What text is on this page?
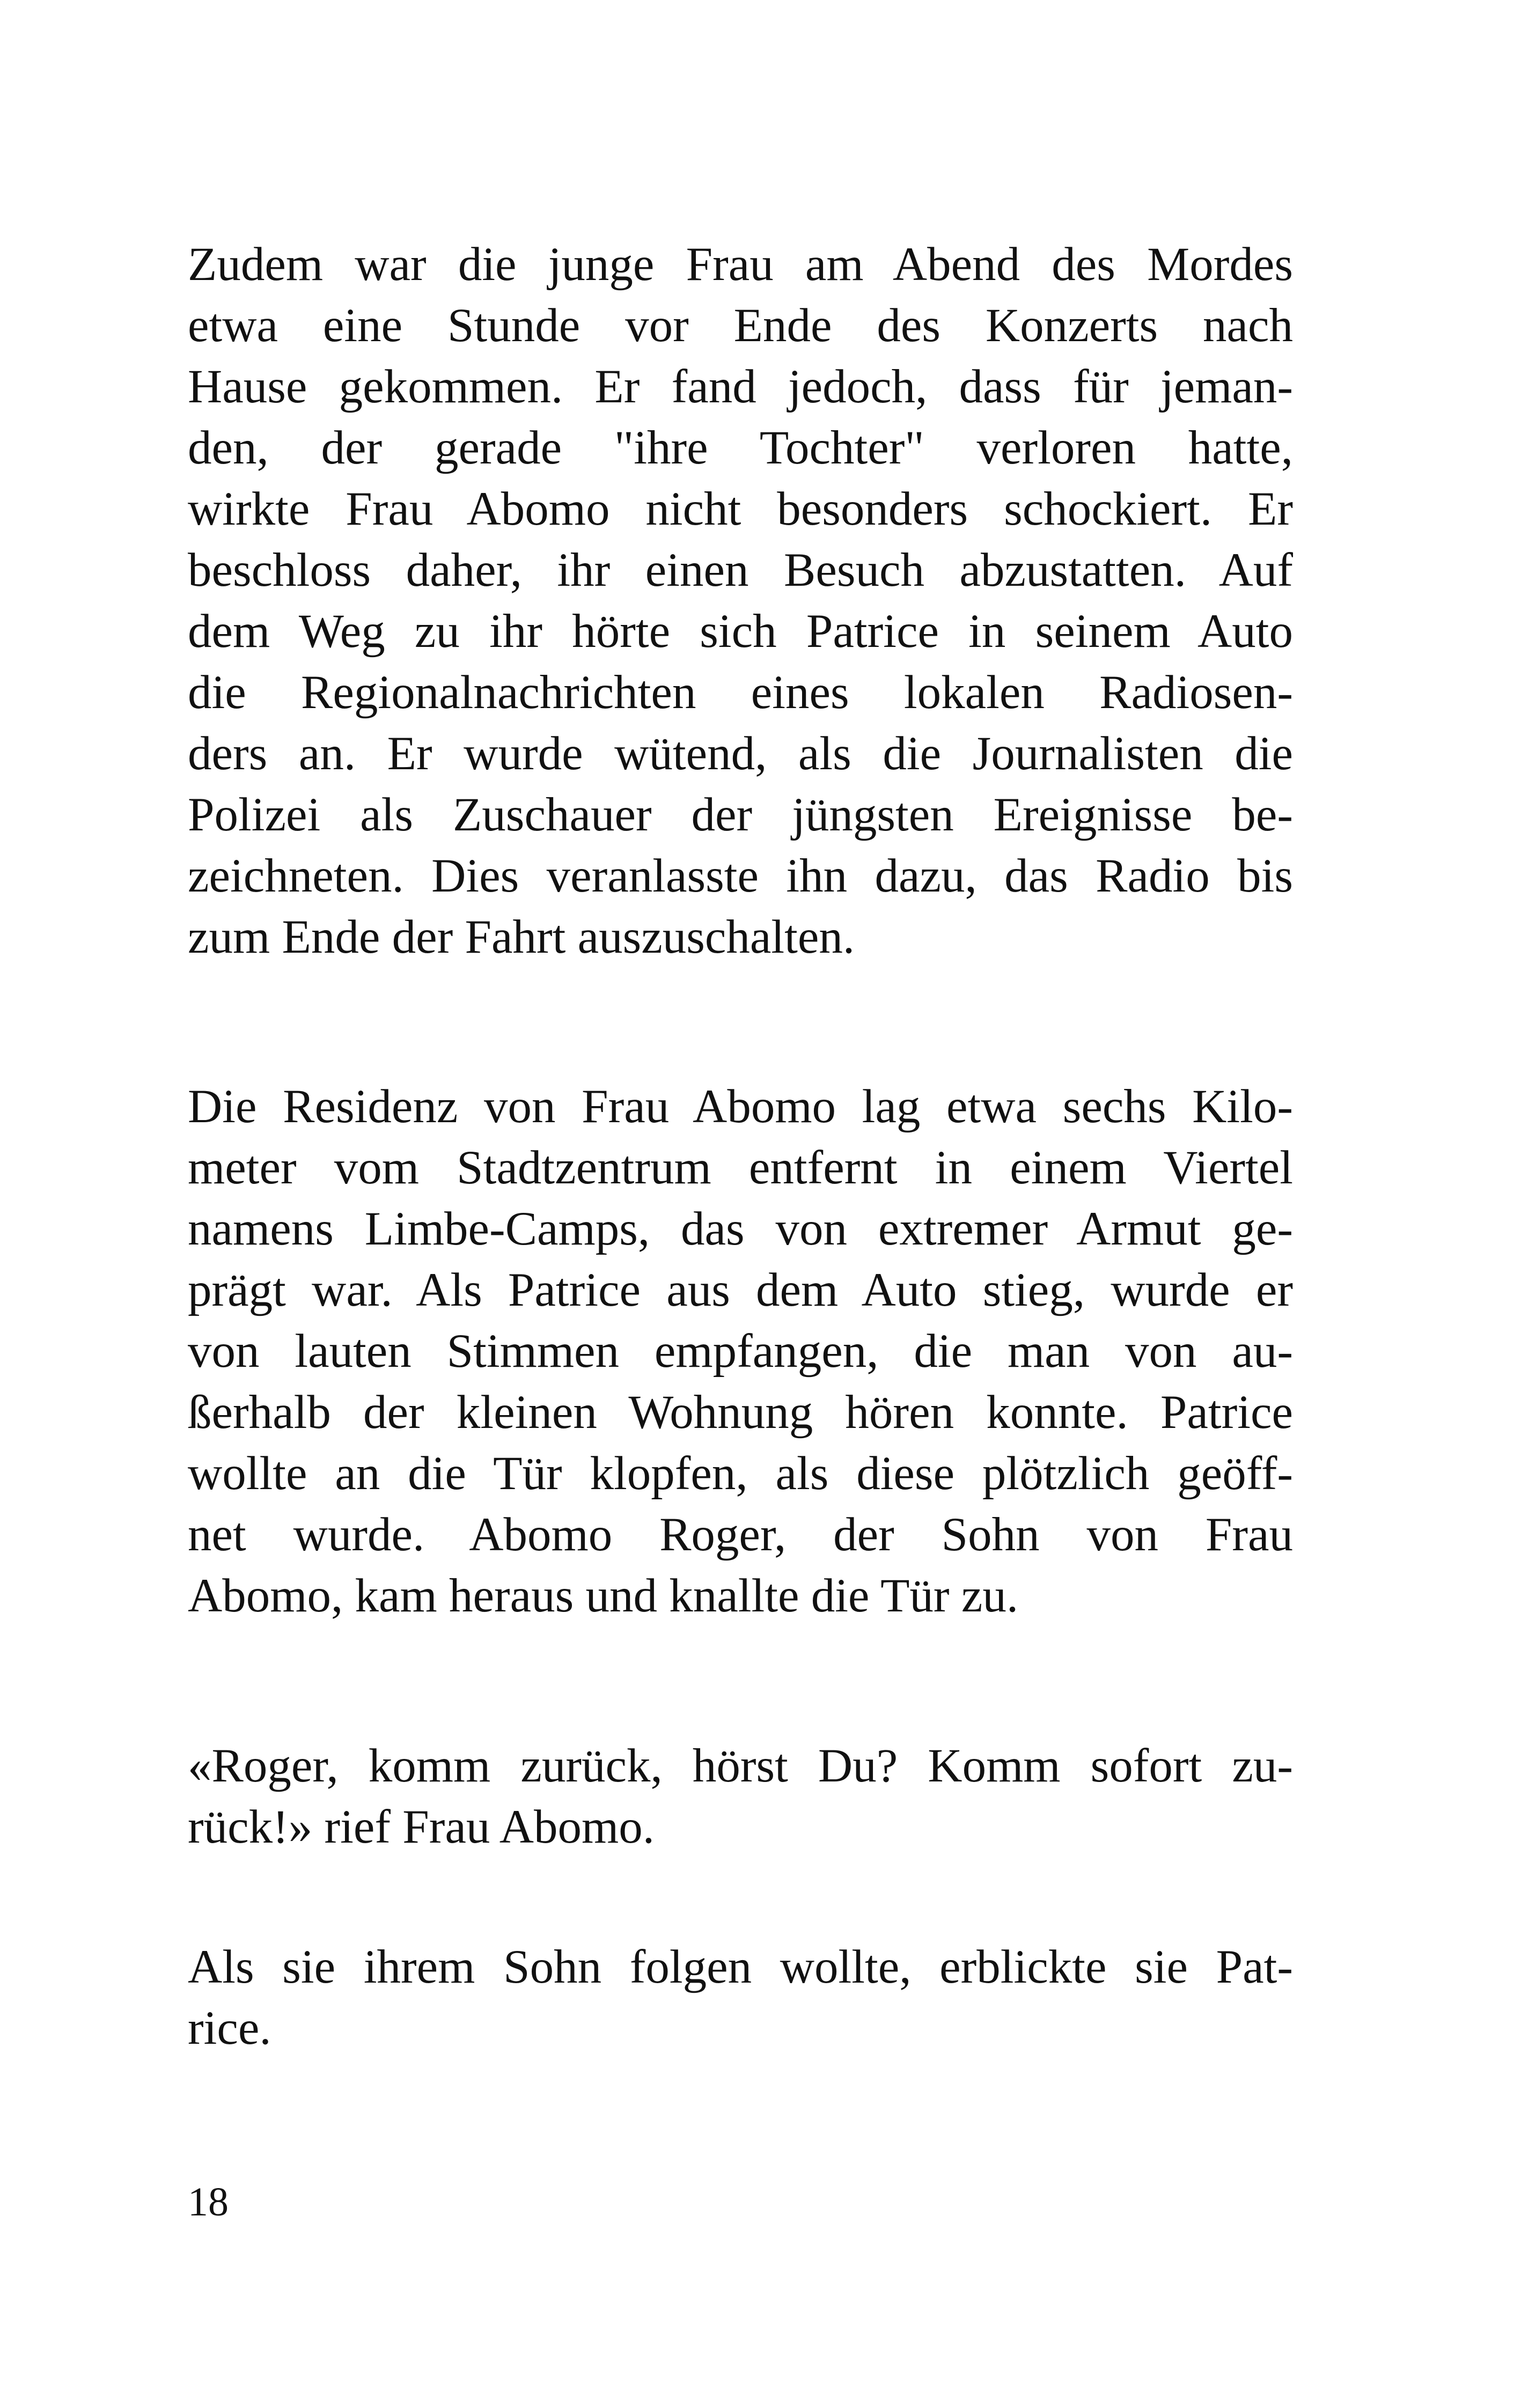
Zudem war die junge Frau am Abend des Mordes
etwa eine Stunde vor Ende des Konzerts nach
Hause gekommen. Er fand jedoch, dass für jeman-
den, der gerade "ihre Tochter" verloren hatte,
wirkte Frau Abomo nicht besonders schockiert. Er
beschloss daher, ihr einen Besuch abzustatten. Auf
dem Weg zu ihr hörte sich Patrice in seinem Auto
die Regionalnachrichten eines lokalen Radiosen-
ders an. Er wurde wütend, als die Journalisten die
Polizei als Zuschauer der jüngsten Ereignisse be-
zeichneten. Dies veranlasste ihn dazu, das Radio bis
zum Ende der Fahrt auszuschalten.
Die Residenz von Frau Abomo lag etwa sechs Kilo-
meter vom Stadtzentrum entfernt in einem Viertel
namens Limbe-Camps, das von extremer Armut ge-
prägt war. Als Patrice aus dem Auto stieg, wurde er
von lauten Stimmen empfangen, die man von au-
ßerhalb der kleinen Wohnung hören konnte. Patrice
wollte an die Tür klopfen, als diese plötzlich geöff-
net wurde. Abomo Roger, der Sohn von Frau
Abomo, kam heraus und knallte die Tür zu.
«Roger, komm zurück, hörst Du? Komm sofort zu-
rück!» rief Frau Abomo.
Als sie ihrem Sohn folgen wollte, erblickte sie Pat-
rice.
18
